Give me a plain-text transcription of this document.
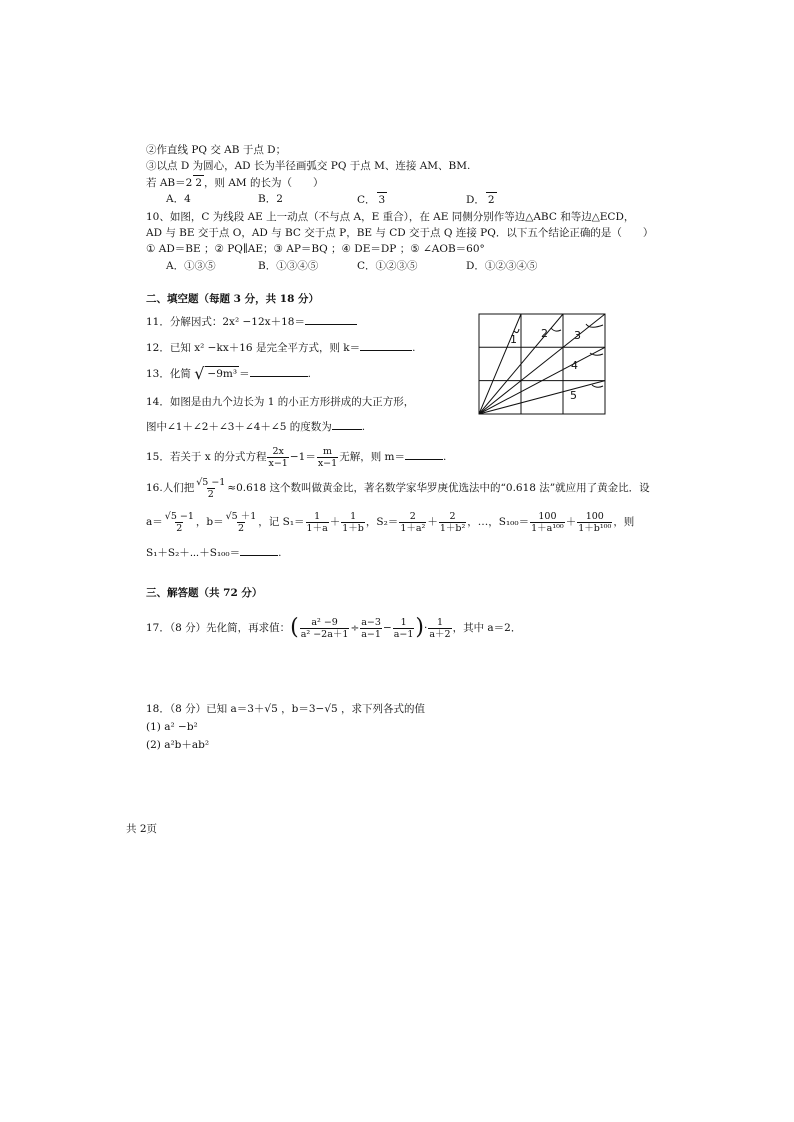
②作直线 PQ 交 AB 于点 D；
③以点 D 为圆心，AD 长为半径画弧交 PQ 于点 M、连接 AM、BM.
若 AB＝2 2 ，则 AM 的长为（　　）
A．4	B．2	C． 3	D． 2
10、如图，C 为线段 AE 上一动点（不与点 A，E 重合），在 AE 同侧分别作等边△ABC 和等边△ECD，
AD 与 BE 交于点 O，AD 与 BC 交于点 P，BE 与 CD 交于点 Q 连接 PQ．以下五个结论正确的是（　　）
① AD＝BE ；② PQ∥AE；③ AP＝BQ ；④ DE＝DP ；⑤ ∠AOB＝60°
A．①③⑤	B．①③④⑤	C．①②③⑤	D．①②③④⑤
二、填空题（每题 3 分，共 18 分）
11．分解因式：2x² −12x＋18＝
12．已知 x² −kx＋16 是完全平方式，则 k＝	.
13．化简 √ −9m³ ＝	.
14．如图是由九个边长为 1 的小正方形拼成的大正方形，
图中∠1＋∠2＋∠3＋∠4＋∠5 的度数为	.
1 2 3
4
5
15．若关于 x 的分式方程 $\frac{2x}{x-1} -1= \frac{m}{x-1}$ 无解，则 m＝	.
16.人们把 $\frac{√5 -1}{2} \approx 0.618$ 这个数叫做黄金比，著名数学家华罗庚优选法中的“0.618 法”就应用了黄金比．设
$a= \frac{√5 -1}{2}$ ，$b= \frac{√5 +1}{2}$ ，记 $S_1= \frac{1}{1+a} + \frac{1}{1+b}$ ，$S_2= \frac{2}{\text{1＋a²}} + \frac{2}{\text{1＋b²}}$ ，…，$S_{100}= \frac{100}{\text{1＋a¹⁰⁰}} + \frac{100}{\text{1＋b¹⁰⁰}}$ ，则
S₁＋S₂＋⋯＋S₁₀₀＝	.
三、解答题（共 72 分）
17．（8 分）先化简，再求值：( $\frac{\text{a² −9}}{\text{a² −2a＋1}} \div \frac{a-3}{a-1} - \frac{1}{a-1}$ )· $\frac{1}{a+2}$ ，其中 a＝2．
18．（8 分）已知 a＝3＋√5 ，b＝3−√5 ，求下列各式的值
(1) a² −b²
(2) a²b＋ab²
共 2页
